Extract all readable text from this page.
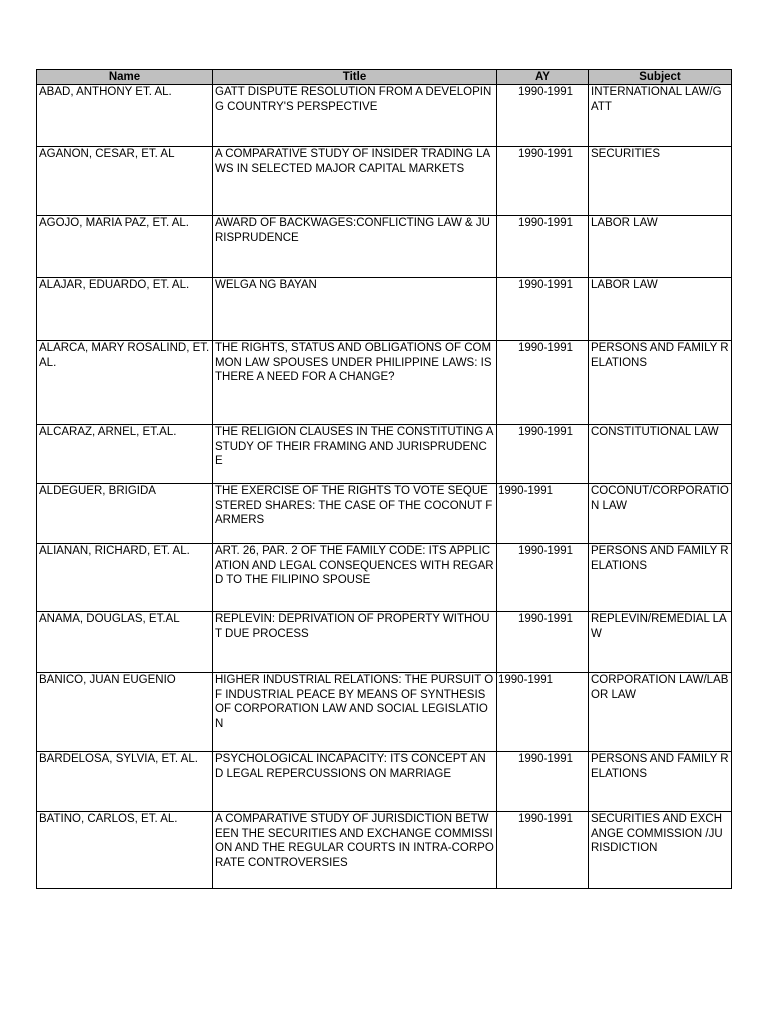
Name	Title	AY	Subject
ABAD, ANTHONY ET. AL.	GATT DISPUTE RESOLUTION FROM A DEVELOPING COUNTRY'S PERSPECTIVE	1990-1991	INTERNATIONAL LAW/GATT
AGANON, CESAR, ET. AL	A COMPARATIVE STUDY OF INSIDER TRADING LAWS IN SELECTED MAJOR CAPITAL MARKETS	1990-1991	SECURITIES
AGOJO, MARIA PAZ, ET. AL.	AWARD OF BACKWAGES:CONFLICTING LAW & JURISPRUDENCE	1990-1991	LABOR LAW
ALAJAR, EDUARDO, ET. AL.	WELGA NG BAYAN	1990-1991	LABOR LAW
ALARCA, MARY ROSALIND, ET. AL.	THE RIGHTS, STATUS AND OBLIGATIONS OF COMMON LAW SPOUSES UNDER PHILIPPINE LAWS: IS THERE A NEED FOR A CHANGE?	1990-1991	PERSONS AND FAMILY RELATIONS
ALCARAZ, ARNEL, ET.AL.	THE RELIGION CLAUSES IN THE CONSTITUTING A STUDY OF THEIR FRAMING AND JURISPRUDENCE	1990-1991	CONSTITUTIONAL LAW
ALDEGUER, BRIGIDA	THE EXERCISE OF THE RIGHTS TO VOTE SEQUESTERED SHARES: THE CASE OF THE COCONUT FARMERS	1990-1991	COCONUT/CORPORATION LAW
ALIANAN, RICHARD, ET. AL.	ART. 26, PAR. 2 OF THE FAMILY CODE: ITS APPLICATION AND LEGAL CONSEQUENCES WITH REGARD TO THE FILIPINO SPOUSE	1990-1991	PERSONS AND FAMILY RELATIONS
ANAMA, DOUGLAS, ET.AL	REPLEVIN: DEPRIVATION OF PROPERTY WITHOUT DUE PROCESS	1990-1991	REPLEVIN/REMEDIAL LAW
BANICO, JUAN EUGENIO	HIGHER INDUSTRIAL RELATIONS: THE PURSUIT OF INDUSTRIAL PEACE BY MEANS OF SYNTHESIS OF CORPORATION LAW AND SOCIAL LEGISLATION	1990-1991	CORPORATION LAW/LABOR LAW
BARDELOSA, SYLVIA, ET. AL.	PSYCHOLOGICAL INCAPACITY: ITS CONCEPT AND LEGAL REPERCUSSIONS ON MARRIAGE	1990-1991	PERSONS AND FAMILY RELATIONS
BATINO, CARLOS, ET. AL.	A COMPARATIVE STUDY OF JURISDICTION BETWEEN THE SECURITIES AND EXCHANGE COMMISSION AND THE REGULAR COURTS IN INTRA-CORPORATE CONTROVERSIES	1990-1991	SECURITIES AND EXCHANGE COMMISSION /JURISDICTION
